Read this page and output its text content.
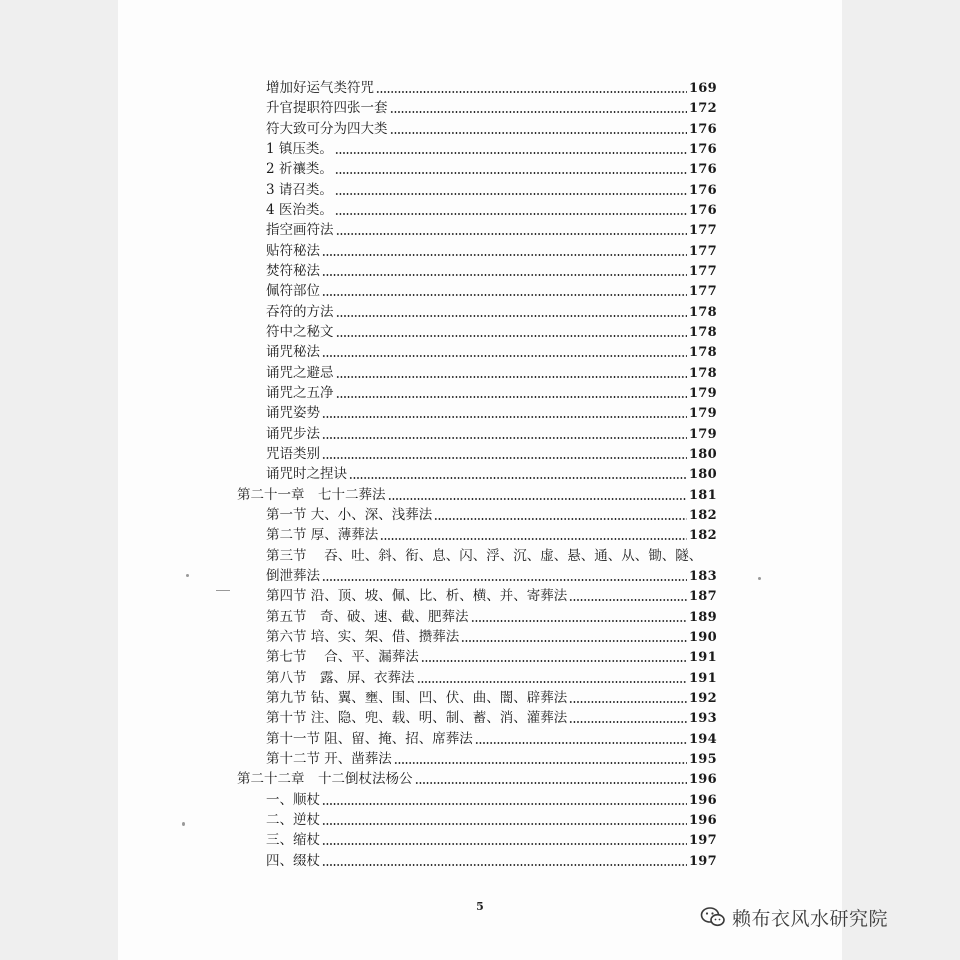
增加好运气类符咒	169
升官提职符四张一套	172
符大致可分为四大类	176
1 镇压类。	176
2 祈禳类。	176
3 请召类。	176
4 医治类。	176
指空画符法	177
贴符秘法	177
焚符秘法	177
佩符部位	177
吞符的方法	178
符中之秘文	178
诵咒秘法	178
诵咒之避忌	178
诵咒之五净	179
诵咒姿势	179
诵咒步法	179
咒语类别	180
诵咒时之捏诀	180
第二十一章　七十二葬法	181
第一节 大、小、深、浅葬法	182
第二节 厚、薄葬法	182
第三节　 吞、吐、斜、衔、息、闪、浮、沉、虚、悬、通、从、锄、隧、
倒泄葬法	183
第四节 沿、顶、坡、佩、比、析、横、并、寄葬法	187
第五节　奇、破、速、截、肥葬法	189
第六节 培、实、架、借、攒葬法	190
第七节　 合、平、漏葬法	191
第八节　露、屏、衣葬法	191
第九节 钻、翼、壅、围、凹、伏、曲、闇、辟葬法	192
第十节 注、隐、兜、载、明、制、蓄、消、灌葬法	193
第十一节 阻、留、掩、招、席葬法	194
第十二节 开、凿葬法	195
第二十二章　十二倒杖法杨公	196
一、顺杖	196
二、逆杖	196
三、缩杖	197
四、缀杖	197
5
赖布衣风水研究院
